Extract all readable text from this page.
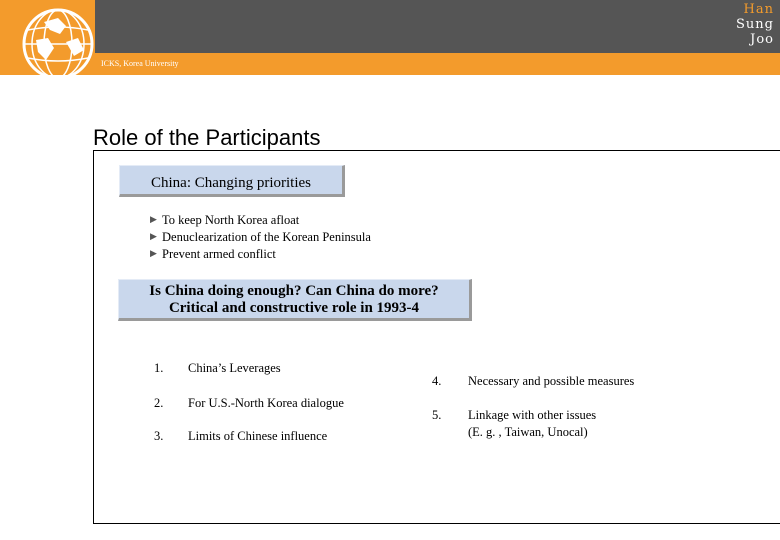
ICKS, Korea University
Han
Sung
Joo
Role of the Participants
China: Changing priorities
▶ To keep North Korea afloat
▶ Denuclearization of the Korean Peninsula
▶ Prevent armed conflict
Is China doing enough? Can China do more?
Critical and constructive role in 1993-4
1. China’s Leverages
2. For U.S.-North Korea dialogue
3. Limits of Chinese influence
4. Necessary and possible measures
5. Linkage with other issues
(E. g. , Taiwan, Unocal)
